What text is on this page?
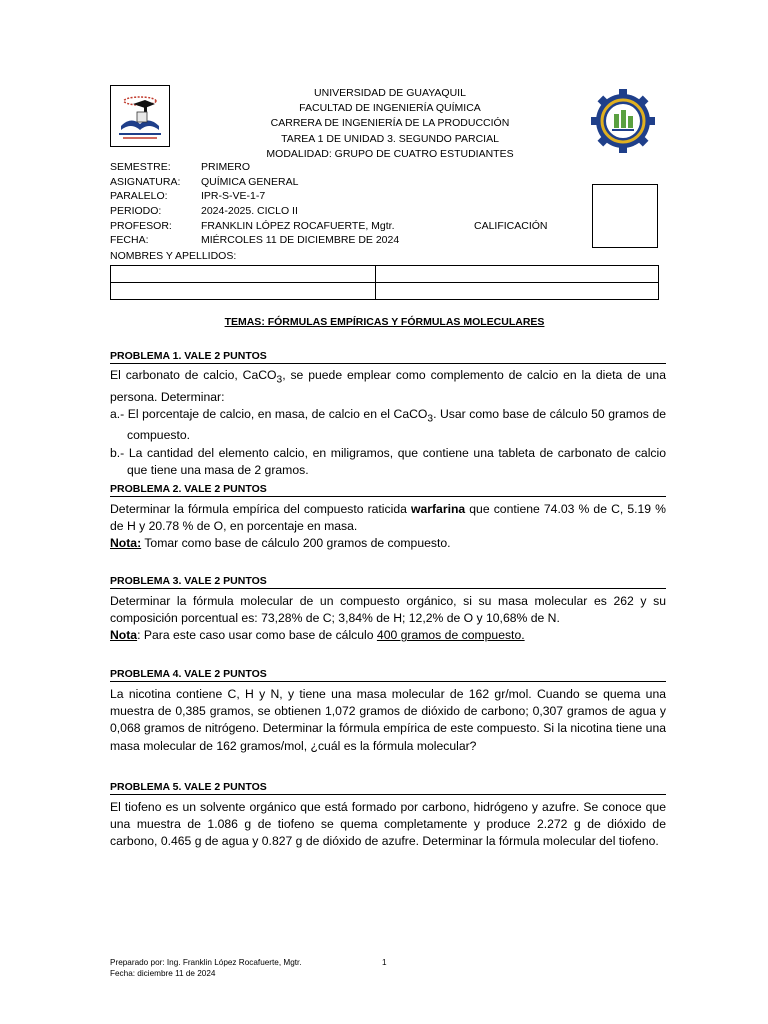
UNIVERSIDAD DE GUAYAQUIL
FACULTAD DE INGENIERÍA QUÍMICA
CARRERA DE INGENIERÍA DE LA PRODUCCIÓN
TAREA 1 DE UNIDAD 3. SEGUNDO PARCIAL
MODALIDAD: GRUPO DE CUATRO ESTUDIANTES
SEMESTRE:	PRIMERO
ASIGNATURA:	QUÍMICA GENERAL
PARALELO:	IPR-S-VE-1-7
PERIODO:	2024-2025. CICLO II
PROFESOR:	FRANKLIN LÓPEZ ROCAFUERTE, Mgtr.
FECHA:	MIÉRCOLES 11 DE DICIEMBRE DE 2024
CALIFICACIÓN
NOMBRES Y APELLIDOS:

TEMAS: FÓRMULAS EMPÍRICAS Y FÓRMULAS MOLECULARES
PROBLEMA 1. VALE 2 PUNTOS
El carbonato de calcio, CaCO$_3$, se puede emplear como complemento de calcio en la dieta de una persona. Determinar:
a.- El porcentaje de calcio, en masa, de calcio en el CaCO$_3$. Usar como base de cálculo 50 gramos de compuesto.
b.- La cantidad del elemento calcio, en miligramos, que contiene una tableta de carbonato de calcio que tiene una masa de 2 gramos.
PROBLEMA 2. VALE 2 PUNTOS
Determinar la fórmula empírica del compuesto raticida warfarina que contiene 74.03 % de C, 5.19 % de H y 20.78 % de O, en porcentaje en masa.
Nota: Tomar como base de cálculo 200 gramos de compuesto.
PROBLEMA 3. VALE 2 PUNTOS
Determinar la fórmula molecular de un compuesto orgánico, si su masa molecular es 262 y su composición porcentual es: 73,28% de C; 3,84% de H; 12,2% de O y 10,68% de N.
Nota: Para este caso usar como base de cálculo 400 gramos de compuesto.
PROBLEMA 4. VALE 2 PUNTOS
La nicotina contiene C, H y N, y tiene una masa molecular de 162 gr/mol. Cuando se quema una muestra de 0,385 gramos, se obtienen 1,072 gramos de dióxido de carbono; 0,307 gramos de agua y 0,068 gramos de nitrógeno. Determinar la fórmula empírica de este compuesto. Si la nicotina tiene una masa molecular de 162 gramos/mol, ¿cuál es la fórmula molecular?
PROBLEMA 5. VALE 2 PUNTOS
El tiofeno es un solvente orgánico que está formado por carbono, hidrógeno y azufre. Se conoce que una muestra de 1.086 g de tiofeno se quema completamente y produce 2.272 g de dióxido de carbono, 0.465 g de agua y 0.827 g de dióxido de azufre. Determinar la fórmula molecular del tiofeno.
Preparado por: Ing. Franklin López Rocafuerte, Mgtr.
Fecha: diciembre 11 de 2024
1
